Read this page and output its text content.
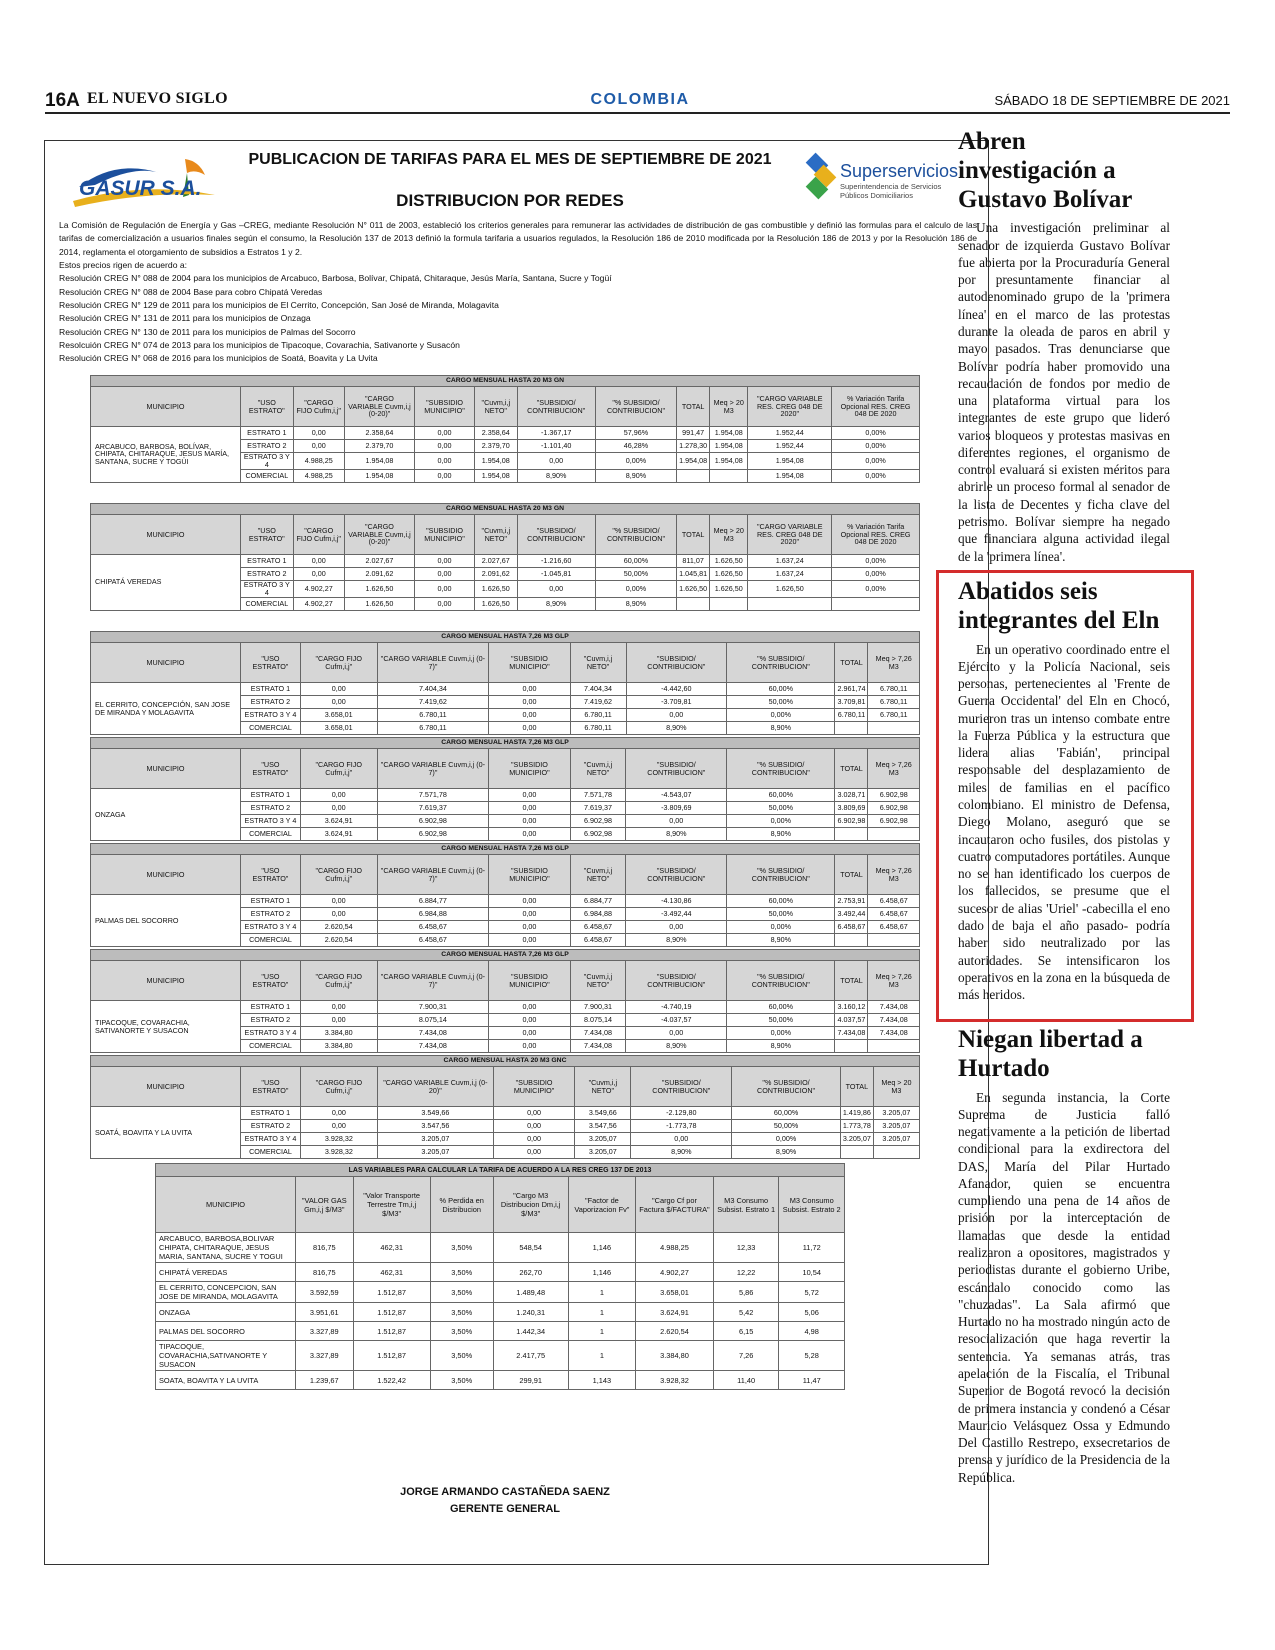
16A EL NUEVO SIGLO	COLOMBIA	SÁBADO 18 DE SEPTIEMBRE DE 2021
GASUR S.A.
PUBLICACION DE TARIFAS PARA EL MES DE SEPTIEMBRE DE 2021
DISTRIBUCION POR REDES
Superservicios
Superintendencia de Servicios
Públicos Domiciliarios

La Comisión de Regulación de Energía y Gas –CREG, mediante Resolución N° 011 de 2003, estableció los criterios generales para remunerar las actividades de distribución de gas combustible y definió las formulas para el calculo de las tarifas de comercialización a usuarios finales según el consumo, la Resolución 137 de 2013 definió la formula tarifaria a usuarios regulados, la Resolución 186 de 2010 modificada por la Resolución 186 de 2013 y por la Resolución 186 de 2014, reglamenta el otorgamiento de subsidios a Estratos 1 y 2.

Estos precios rigen de acuerdo a:

Resolución CREG N° 088 de 2004 para los municipios de Arcabuco, Barbosa, Bolívar, Chipatá, Chitaraque, Jesús María, Santana, Sucre y Togüí

Resolución CREG N° 088 de 2004 Base para cobro Chipatá Veredas

Resolución CREG N° 129 de 2011 para los municipios de El Cerrito, Concepción, San José de Miranda, Molagavita

Resolución CREG N° 131 de 2011 para los municipios de Onzaga

Resolución CREG N° 130 de 2011 para los municipios de Palmas del Socorro

Resolcuión CREG N° 074 de 2013 para los municipios de Tipacoque, Covarachia, Sativanorte y Susacón

Resolución CREG N° 068 de 2016 para los municipios de Soatá, Boavita y La Uvita

CARGO MENSUAL HASTA 20 M3 GN											
MUNICIPIO	"USO ESTRATO"	"CARGO FIJO Cufm,i,j"	"CARGO VARIABLE Cuvm,i,j (0-20)"	"SUBSIDIO MUNICIPIO"	"Cuvm,i,j NETO"	"SUBSIDIO/ CONTRIBUCION"	"% SUBSIDIO/ CONTRIBUCION"	TOTAL	Meq > 20 M3	"CARGO VARIABLE RES. CREG 048 DE 2020"	% Variación Tarifa Opcional RES. CREG 048 DE 2020
ARCABUCO, BARBOSA, BOLÍVAR, CHIPATA, CHITARAQUE, JESUS MARÍA, SANTANA, SUCRE Y TOGÜI	ESTRATO 1	0,00	2.358,64	0,00	2.358,64	-1.367,17	57,96%	991,47	1.954,08	1.952,44	0,00%
	ESTRATO 2	0,00	2.379,70	0,00	2.379,70	-1.101,40	46,28%	1.278,30	1.954,08	1.952,44	0,00%
	ESTRATO 3 Y 4	4.988,25	1.954,08	0,00	1.954,08	0,00	0,00%	1.954,08	1.954,08	1.954,08	0,00%
	COMERCIAL	4.988,25	1.954,08	0,00	1.954,08	8,90%	8,90%			1.954,08	0,00%
CARGO MENSUAL HASTA 20 M3 GN											
MUNICIPIO	"USO ESTRATO"	"CARGO FIJO Cufm,i,j"	"CARGO VARIABLE Cuvm,i,j (0-20)"	"SUBSIDIO MUNICIPIO"	"Cuvm,i,j NETO"	"SUBSIDIO/ CONTRIBUCION"	"% SUBSIDIO/ CONTRIBUCION"	TOTAL	Meq > 20 M3	"CARGO VARIABLE RES. CREG 048 DE 2020"	% Variación Tarifa Opcional RES. CREG 048 DE 2020
CHIPATÁ VEREDAS	ESTRATO 1	0,00	2.027,67	0,00	2.027,67	-1.216,60	60,00%	811,07	1.626,50	1.637,24	0,00%
	ESTRATO 2	0,00	2.091,62	0,00	2.091,62	-1.045,81	50,00%	1.045,81	1.626,50	1.637,24	0,00%
	ESTRATO 3 Y 4	4.902,27	1.626,50	0,00	1.626,50	0,00	0,00%	1.626,50	1.626,50	1.626,50	0,00%
	COMERCIAL	4.902,27	1.626,50	0,00	1.626,50	8,90%	8,90%				
CARGO MENSUAL HASTA 7,26 M3 GLP									
MUNICIPIO	"USO ESTRATO"	"CARGO FIJO Cufm,i,j"	"CARGO VARIABLE Cuvm,i,j (0-7)"	"SUBSIDIO MUNICIPIO"	"Cuvm,i,j NETO"	"SUBSIDIO/ CONTRIBUCION"	"% SUBSIDIO/ CONTRIBUCION"	TOTAL	Meq > 7,26 M3
EL CERRITO, CONCEPCIÓN, SAN JOSE DE MIRANDA Y MOLAGAVITA	ESTRATO 1	0,00	7.404,34	0,00	7.404,34	-4.442,60	60,00%	2.961,74	6.780,11
	ESTRATO 2	0,00	7.419,62	0,00	7.419,62	-3.709,81	50,00%	3.709,81	6.780,11
	ESTRATO 3 Y 4	3.658,01	6.780,11	0,00	6.780,11	0,00	0,00%	6.780,11	6.780,11
	COMERCIAL	3.658,01	6.780,11	0,00	6.780,11	8,90%	8,90%		
CARGO MENSUAL HASTA 7,26 M3 GLP									
MUNICIPIO	"USO ESTRATO"	"CARGO FIJO Cufm,i,j"	"CARGO VARIABLE Cuvm,i,j (0-7)"	"SUBSIDIO MUNICIPIO"	"Cuvm,i,j NETO"	"SUBSIDIO/ CONTRIBUCION"	"% SUBSIDIO/ CONTRIBUCION"	TOTAL	Meq > 7,26 M3
ONZAGA	ESTRATO 1	0,00	7.571,78	0,00	7.571,78	-4.543,07	60,00%	3.028,71	6.902,98
	ESTRATO 2	0,00	7.619,37	0,00	7.619,37	-3.809,69	50,00%	3.809,69	6.902,98
	ESTRATO 3 Y 4	3.624,91	6.902,98	0,00	6.902,98	0,00	0,00%	6.902,98	6.902,98
	COMERCIAL	3.624,91	6.902,98	0,00	6.902,98	8,90%	8,90%		
CARGO MENSUAL HASTA 7,26 M3 GLP									
MUNICIPIO	"USO ESTRATO"	"CARGO FIJO Cufm,i,j"	"CARGO VARIABLE Cuvm,i,j (0-7)"	"SUBSIDIO MUNICIPIO"	"Cuvm,i,j NETO"	"SUBSIDIO/ CONTRIBUCION"	"% SUBSIDIO/ CONTRIBUCION"	TOTAL	Meq > 7,26 M3
PALMAS DEL SOCORRO	ESTRATO 1	0,00	6.884,77	0,00	6.884,77	-4.130,86	60,00%	2.753,91	6.458,67
	ESTRATO 2	0,00	6.984,88	0,00	6.984,88	-3.492,44	50,00%	3.492,44	6.458,67
	ESTRATO 3 Y 4	2.620,54	6.458,67	0,00	6.458,67	0,00	0,00%	6.458,67	6.458,67
	COMERCIAL	2.620,54	6.458,67	0,00	6.458,67	8,90%	8,90%		
CARGO MENSUAL HASTA 7,26 M3 GLP									
MUNICIPIO	"USO ESTRATO"	"CARGO FIJO Cufm,i,j"	"CARGO VARIABLE Cuvm,i,j (0-7)"	"SUBSIDIO MUNICIPIO"	"Cuvm,i,j NETO"	"SUBSIDIO/ CONTRIBUCION"	"% SUBSIDIO/ CONTRIBUCION"	TOTAL	Meq > 7,26 M3
TIPACOQUE, COVARACHIA, SATIVANORTE Y SUSACON	ESTRATO 1	0,00	7.900,31	0,00	7.900,31	-4.740,19	60,00%	3.160,12	7.434,08
	ESTRATO 2	0,00	8.075,14	0,00	8.075,14	-4.037,57	50,00%	4.037,57	7.434,08
	ESTRATO 3 Y 4	3.384,80	7.434,08	0,00	7.434,08	0,00	0,00%	7.434,08	7.434,08
	COMERCIAL	3.384,80	7.434,08	0,00	7.434,08	8,90%	8,90%		
CARGO MENSUAL HASTA 20 M3 GNC									
MUNICIPIO	"USO ESTRATO"	"CARGO FIJO Cufm,i,j"	"CARGO VARIABLE Cuvm,i,j (0-20)"	"SUBSIDIO MUNICIPIO"	"Cuvm,i,j NETO"	"SUBSIDIO/ CONTRIBUCION"	"% SUBSIDIO/ CONTRIBUCION"	TOTAL	Meq > 20 M3
SOATÁ, BOAVITA Y LA UVITA	ESTRATO 1	0,00	3.549,66	0,00	3.549,66	-2.129,80	60,00%	1.419,86	3.205,07
	ESTRATO 2	0,00	3.547,56	0,00	3.547,56	-1.773,78	50,00%	1.773,78	3.205,07
	ESTRATO 3 Y 4	3.928,32	3.205,07	0,00	3.205,07	0,00	0,00%	3.205,07	3.205,07
	COMERCIAL	3.928,32	3.205,07	0,00	3.205,07	8,90%	8,90%		
LAS VARIABLES PARA CALCULAR LA TARIFA DE ACUERDO A LA RES CREG 137 DE 2013								
MUNICIPIO	"VALOR GAS Gm,i,j $/M3"	"Valor Transporte Terrestre Tm,i,j $/M3"	% Perdida en Distribucion	"Cargo M3 Distribucion Dm,i,j $/M3"	"Factor de Vaporizacion Fv"	"Cargo Cf por Factura $/FACTURA"	M3 Consumo Subsist. Estrato 1	M3 Consumo Subsist. Estrato 2
ARCABUCO, BARBOSA,BOLIVAR CHIPATA, CHITARAQUE, JESUS MARIA, SANTANA, SUCRE Y TOGUI	816,75	462,31	3,50%	548,54	1,146	4.988,25	12,33	11,72
CHIPATÁ VEREDAS	816,75	462,31	3,50%	262,70	1,146	4.902,27	12,22	10,54
EL CERRITO, CONCEPCION, SAN JOSE DE MIRANDA, MOLAGAVITA	3.592,59	1.512,87	3,50%	1.489,48	1	3.658,01	5,86	5,72
ONZAGA	3.951,61	1.512,87	3,50%	1.240,31	1	3.624,91	5,42	5,06
PALMAS DEL SOCORRO	3.327,89	1.512,87	3,50%	1.442,34	1	2.620,54	6,15	4,98
TIPACOQUE, COVARACHIA,SATIVANORTE Y SUSACON	3.327,89	1.512,87	3,50%	2.417,75	1	3.384,80	7,26	5,28
SOATA, BOAVITA Y LA UVITA	1.239,67	1.522,42	3,50%	299,91	1,143	3.928,32	11,40	11,47
JORGE ARMANDO CASTAÑEDA SAENZ
GERENTE GENERAL
Abren investigación a Gustavo Bolívar

Una investigación preliminar al senador de izquierda Gustavo Bolívar fue abierta por la Procuraduría General por presuntamente financiar al autodenominado grupo de la 'primera línea' en el marco de las protestas durante la oleada de paros en abril y mayo pasados. Tras denunciarse que Bolívar podría haber promovido una recaudación de fondos por medio de una plataforma virtual para los integrantes de este grupo que lideró varios bloqueos y protestas masivas en diferentes regiones, el organismo de control evaluará si existen méritos para abrirle un proceso formal al senador de la lista de Decentes y ficha clave del petrismo. Bolívar siempre ha negado que financiara alguna actividad ilegal de la 'primera línea'.

Abatidos seis integrantes del Eln

En un operativo coordinado entre el Ejército y la Policía Nacional, seis personas, pertenecientes al 'Frente de Guerra Occidental' del Eln en Chocó, murieron tras un intenso combate entre la Fuerza Pública y la estructura que lidera alias 'Fabián', principal responsable del desplazamiento de miles de familias en el pacífico colombiano. El ministro de Defensa, Diego Molano, aseguró que se incautaron ocho fusiles, dos pistolas y cuatro computadores portátiles. Aunque no se han identificado los cuerpos de los fallecidos, se presume que el sucesor de alias 'Uriel' -cabecilla el eno dado de baja el año pasado- podría haber sido neutralizado por las autoridades. Se intensificaron los operativos en la zona en la búsqueda de más heridos.

Niegan libertad a Hurtado

En segunda instancia, la Corte Suprema de Justicia falló negativamente a la petición de libertad condicional para la exdirectora del DAS, María del Pilar Hurtado Afanador, quien se encuentra cumpliendo una pena de 14 años de prisión por la interceptación de llamadas que desde la entidad realizaron a opositores, magistrados y periodistas durante el gobierno Uribe, escándalo conocido como las "chuzadas". La Sala afirmó que Hurtado no ha mostrado ningún acto de resocialización que haga revertir la sentencia. Ya semanas atrás, tras apelación de la Fiscalía, el Tribunal Superior de Bogotá revocó la decisión de primera instancia y condenó a César Mauricio Velásquez Ossa y Edmundo Del Castillo Restrepo, exsecretarios de prensa y jurídico de la Presidencia de la República.
